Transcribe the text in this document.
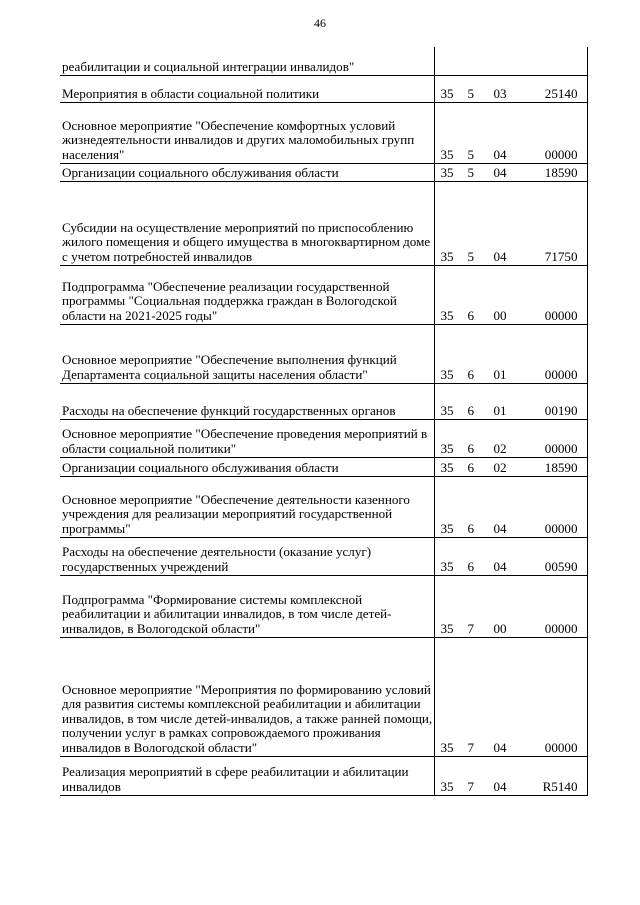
46
реабилитации и социальной интеграции инвалидов"	
Мероприятия в области социальной политики	35 5 03 25140
Основное мероприятие "Обеспечение комфортных условий жизнедеятельности инвалидов и других маломобильных групп населения"	35 5 04 00000
Организации социального обслуживания области	35 5 04 18590
Субсидии на осуществление мероприятий по приспособлению жилого помещения и общего имущества в многоквартирном доме с учетом потребностей инвалидов	35 5 04 71750
Подпрограмма "Обеспечение реализации государственной программы "Социальная поддержка граждан в Вологодской области на 2021-2025 годы"	35 6 00 00000
Основное мероприятие "Обеспечение выполнения функций Департамента социальной защиты населения области"	35 6 01 00000
Расходы на обеспечение функций государственных органов	35 6 01 00190
Основное мероприятие "Обеспечение проведения мероприятий в области социальной политики"	35 6 02 00000
Организации социального обслуживания области	35 6 02 18590
Основное мероприятие "Обеспечение деятельности казенного учреждения для реализации мероприятий государственной программы"	35 6 04 00000
Расходы на обеспечение деятельности (оказание услуг) государственных учреждений	35 6 04 00590
Подпрограмма "Формирование системы комплексной реабилитации и абилитации инвалидов, в том числе детей-инвалидов, в Вологодской области"	35 7 00 00000
Основное мероприятие "Мероприятия по формированию условий для развития системы комплексной реабилитации и абилитации инвалидов, в том числе детей-инвалидов, а также ранней помощи, получении услуг в рамках сопровождаемого проживания инвалидов в Вологодской области"	35 7 04 00000
Реализация мероприятий в сфере реабилитации и абилитации инвалидов	35 7 04 R5140
